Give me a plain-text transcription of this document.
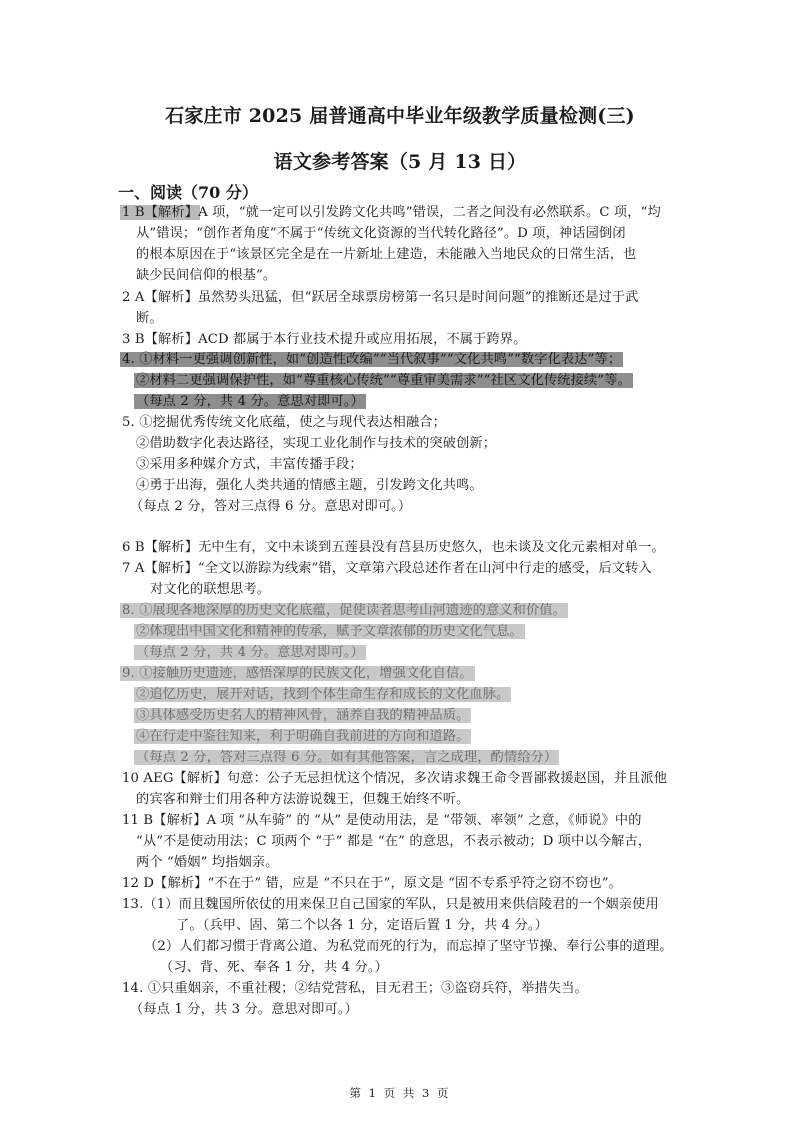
石家庄市 2025 届普通高中毕业年级教学质量检测(三)
语文参考答案（5 月 13 日）
一、阅读（70 分）
1 B【解析】A 项，“就一定可以引发跨文化共鸣”错误，二者之间没有必然联系。C 项，“均
从”错误；“创作者角度”不属于“传统文化资源的当代转化路径”。D 项，神话园倒闭
的根本原因在于“该景区完全是在一片新址上建造，未能融入当地民众的日常生活，也
缺少民间信仰的根基”。
2 A【解析】虽然势头迅猛，但“跃居全球票房榜第一名只是时间问题”的推断还是过于武
断。
3 B【解析】ACD 都属于本行业技术提升或应用拓展，不属于跨界。
4. ①材料一更强调创新性，如“创造性改编”“当代叙事”“文化共鸣”“数字化表达”等；
②材料二更强调保护性，如“尊重核心传统”“尊重审美需求”“社区文化传统接续”等。
（每点 2 分，共 4 分。意思对即可。）
5. ①挖掘优秀传统文化底蕴，使之与现代表达相融合；
②借助数字化表达路径，实现工业化制作与技术的突破创新；
③采用多种媒介方式，丰富传播手段；
④勇于出海，强化人类共通的情感主题，引发跨文化共鸣。
（每点 2 分，答对三点得 6 分。意思对即可。）
6 B【解析】无中生有，文中未谈到五莲县没有莒县历史悠久，也未谈及文化元素相对单一。
7 A【解析】“全文以游踪为线索”错，文章第六段总述作者在山河中行走的感受，后文转入
对文化的联想思考。
8. ①展现各地深厚的历史文化底蕴，促使读者思考山河遗迹的意义和价值。
②体现出中国文化和精神的传承，赋予文章浓郁的历史文化气息。
（每点 2 分，共 4 分。意思对即可。）
9. ①接触历史遗迹，感悟深厚的民族文化，增强文化自信。
②追忆历史，展开对话，找到个体生命生存和成长的文化血脉。
③具体感受历史名人的精神风骨，涵养自我的精神品质。
④在行走中鉴往知来，利于明确自我前进的方向和道路。
（每点 2 分，答对三点得 6 分。如有其他答案，言之成理，酌情给分）
10 AEG【解析】句意：公子无忌担忧这个情况，多次请求魏王命令晋鄙救援赵国，并且派他
的宾客和辩士们用各种方法游说魏王，但魏王始终不听。
11 B【解析】A 项 “从车骑” 的 “从” 是使动用法，是 “带领、率领” 之意，《师说》中的
“从”不是使动用法；C 项两个 “于” 都是 “在” 的意思，不表示被动；D 项中以今解古，
两个 “婚姻” 均指姻亲。
12 D【解析】“不在于” 错，应是 “不只在于”，原文是 “固不专系乎符之窃不窃也”。
13.（1）而且魏国所依仗的用来保卫自己国家的军队，只是被用来供信陵君的一个姻亲使用
了。（兵甲、固、第二个以各 1 分，定语后置 1 分，共 4 分。）
（2）人们都习惯于背离公道、为私党而死的行为，而忘掉了坚守节操、奉行公事的道理。
（习、背、死、奉各 1 分，共 4 分。）
14. ①只重姻亲，不重社稷；②结党营私，目无君王；③盗窃兵符，举措失当。
（每点 1 分，共 3 分。意思对即可。）
第 1 页 共 3 页
